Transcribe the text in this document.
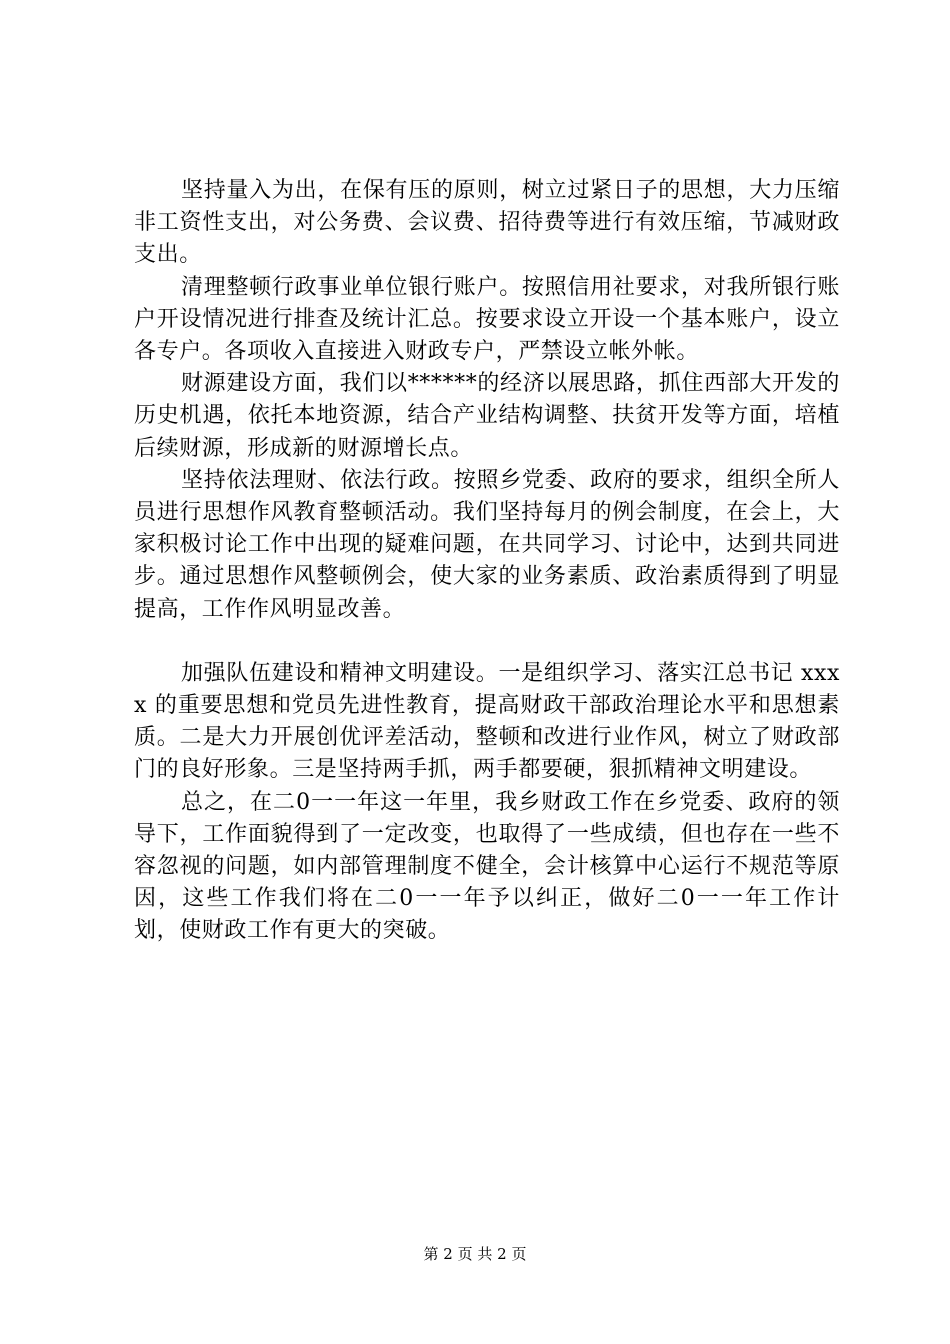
坚持量入为出，在保有压的原则，树立过紧日子的思想，大力压缩非工资性支出，对公务费、会议费、招待费等进行有效压缩，节减财政支出。

清理整顿行政事业单位银行账户。按照信用社要求，对我所银行账户开设情况进行排查及统计汇总。按要求设立开设一个基本账户，设立各专户。各项收入直接进入财政专户，严禁设立帐外帐。

财源建设方面，我们以******的经济以展思路，抓住西部大开发的历史机遇，依托本地资源，结合产业结构调整、扶贫开发等方面，培植后续财源，形成新的财源增长点。

坚持依法理财、依法行政。按照乡党委、政府的要求，组织全所人员进行思想作风教育整顿活动。我们坚持每月的例会制度，在会上，大家积极讨论工作中出现的疑难问题，在共同学习、讨论中，达到共同进步。通过思想作风整顿例会，使大家的业务素质、政治素质得到了明显提高，工作作风明显改善。

加强队伍建设和精神文明建设。一是组织学习、落实江总书记 xxxx 的重要思想和党员先进性教育，提高财政干部政治理论水平和思想素质。二是大力开展创优评差活动，整顿和改进行业作风，树立了财政部门的良好形象。三是坚持两手抓，两手都要硬，狠抓精神文明建设。

总之，在二0一一年这一年里，我乡财政工作在乡党委、政府的领导下，工作面貌得到了一定改变，也取得了一些成绩，但也存在一些不容忽视的问题，如内部管理制度不健全，会计核算中心运行不规范等原因，这些工作我们将在二0一一年予以纠正，做好二0一一年工作计划，使财政工作有更大的突破。

第 2 页 共 2 页
